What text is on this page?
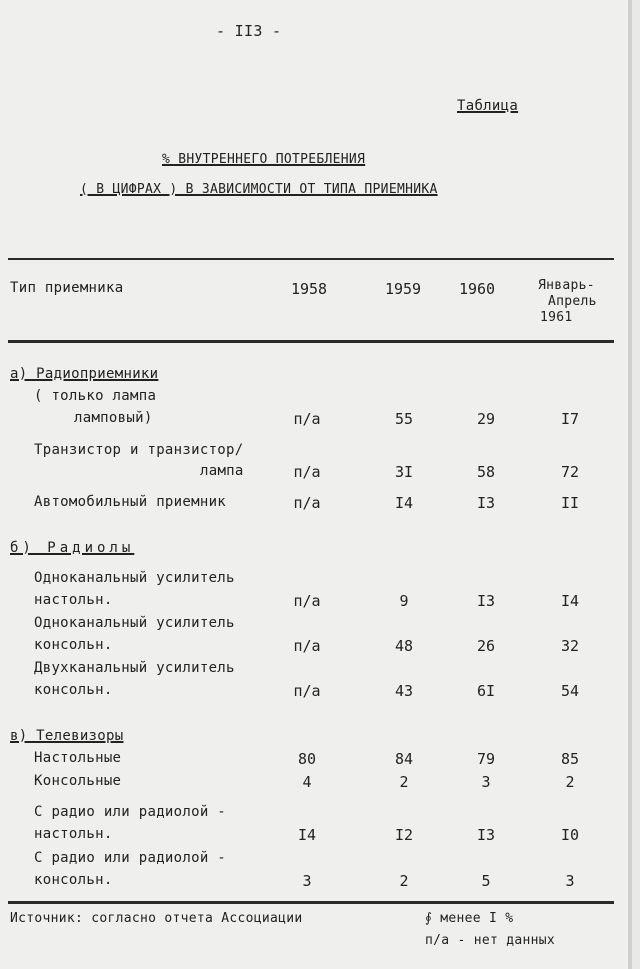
- II3 -
Таблица
% ВНУТРЕННЕГО ПОТРЕБЛЕНИЯ
( В ЦИФРАХ ) В ЗАВИСИМОСТИ ОТ ТИПА ПРИЕМНИКА
Тип приемника	1958	1959	1960	Январь-
Апрель
1961
а) Радиоприемники
( только лампа
ламповый)	п/а	55	29	I7
Транзистор и транзистор/
лампа	п/а	3I	58	72
Автомобильный приемник	п/а	I4	I3	II
б) Радиолы
Одноканальный усилитель
настольн.	п/а	9	I3	I4
Одноканальный усилитель
консольн.	п/а	48	26	32
Двухканальный усилитель
консольн.	п/а	43	6I	54
в) Телевизоры
Настольные	80	84	79	85
Консольные	4	2	3	2
С радио или радиолой -
настольн.	I4	I2	I3	I0
С радио или радиолой -
консольн.	3	2	5	3
Источник: согласно отчета Ассоциации	∮ менее I %
п/а - нет данных
